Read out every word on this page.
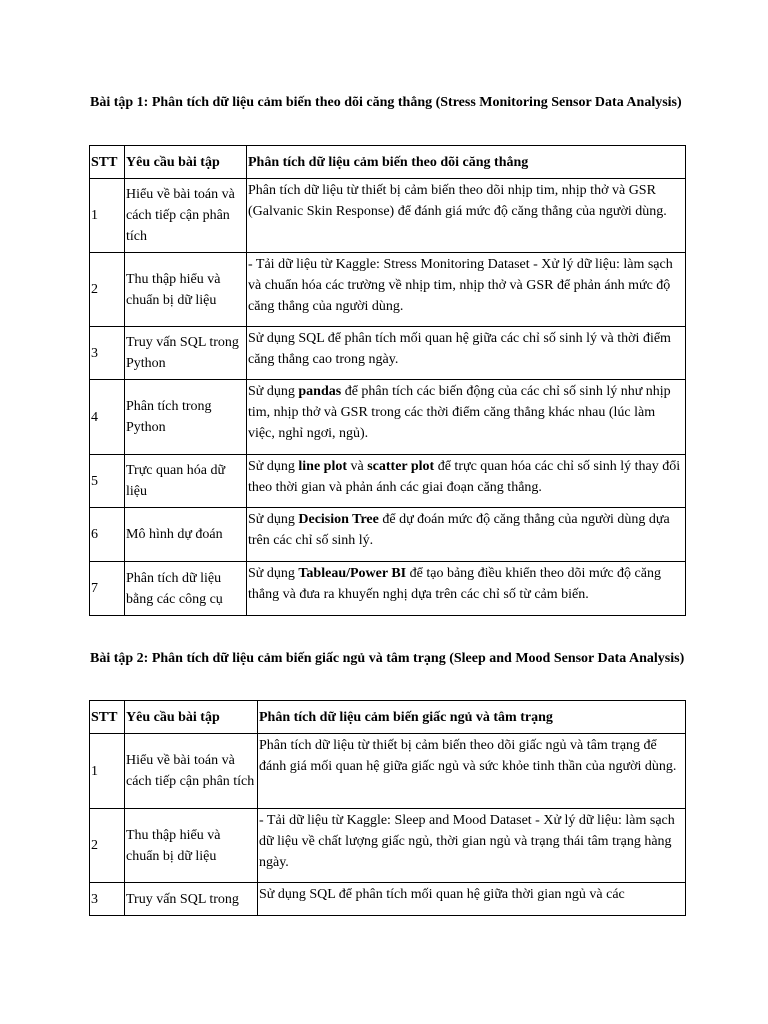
Bài tập 1: Phân tích dữ liệu cảm biến theo dõi căng thẳng (Stress Monitoring Sensor Data Analysis)
STT	Yêu cầu bài tập	Phân tích dữ liệu cảm biến theo dõi căng thẳng
1	Hiểu về bài toán và cách tiếp cận phân tích	Phân tích dữ liệu từ thiết bị cảm biến theo dõi nhịp tim, nhịp thở và GSR (Galvanic Skin Response) để đánh giá mức độ căng thẳng của người dùng.
2	Thu thập hiểu và chuẩn bị dữ liệu	- Tải dữ liệu từ Kaggle: Stress Monitoring Dataset - Xử lý dữ liệu: làm sạch và chuẩn hóa các trường về nhịp tim, nhịp thở và GSR để phản ánh mức độ căng thẳng của người dùng.
3	Truy vấn SQL trong Python	Sử dụng SQL để phân tích mối quan hệ giữa các chỉ số sinh lý và thời điểm căng thẳng cao trong ngày.
4	Phân tích trong Python	Sử dụng pandas để phân tích các biến động của các chỉ số sinh lý như nhịp tim, nhịp thở và GSR trong các thời điểm căng thẳng khác nhau (lúc làm việc, nghỉ ngơi, ngủ).
5	Trực quan hóa dữ liệu	Sử dụng line plot và scatter plot để trực quan hóa các chỉ số sinh lý thay đổi theo thời gian và phản ánh các giai đoạn căng thẳng.
6	Mô hình dự đoán	Sử dụng Decision Tree để dự đoán mức độ căng thẳng của người dùng dựa trên các chỉ số sinh lý.
7	Phân tích dữ liệu bằng các công cụ	Sử dụng Tableau/Power BI để tạo bảng điều khiển theo dõi mức độ căng thẳng và đưa ra khuyến nghị dựa trên các chỉ số từ cảm biến.
Bài tập 2: Phân tích dữ liệu cảm biến giấc ngủ và tâm trạng (Sleep and Mood Sensor Data Analysis)
STT	Yêu cầu bài tập	Phân tích dữ liệu cảm biến giấc ngủ và tâm trạng
1	Hiểu về bài toán và cách tiếp cận phân tích	Phân tích dữ liệu từ thiết bị cảm biến theo dõi giấc ngủ và tâm trạng để đánh giá mối quan hệ giữa giấc ngủ và sức khỏe tinh thần của người dùng.
2	Thu thập hiểu và chuẩn bị dữ liệu	- Tải dữ liệu từ Kaggle: Sleep and Mood Dataset - Xử lý dữ liệu: làm sạch dữ liệu về chất lượng giấc ngủ, thời gian ngủ và trạng thái tâm trạng hàng ngày.
3	Truy vấn SQL trong	Sử dụng SQL để phân tích mối quan hệ giữa thời gian ngủ và các
